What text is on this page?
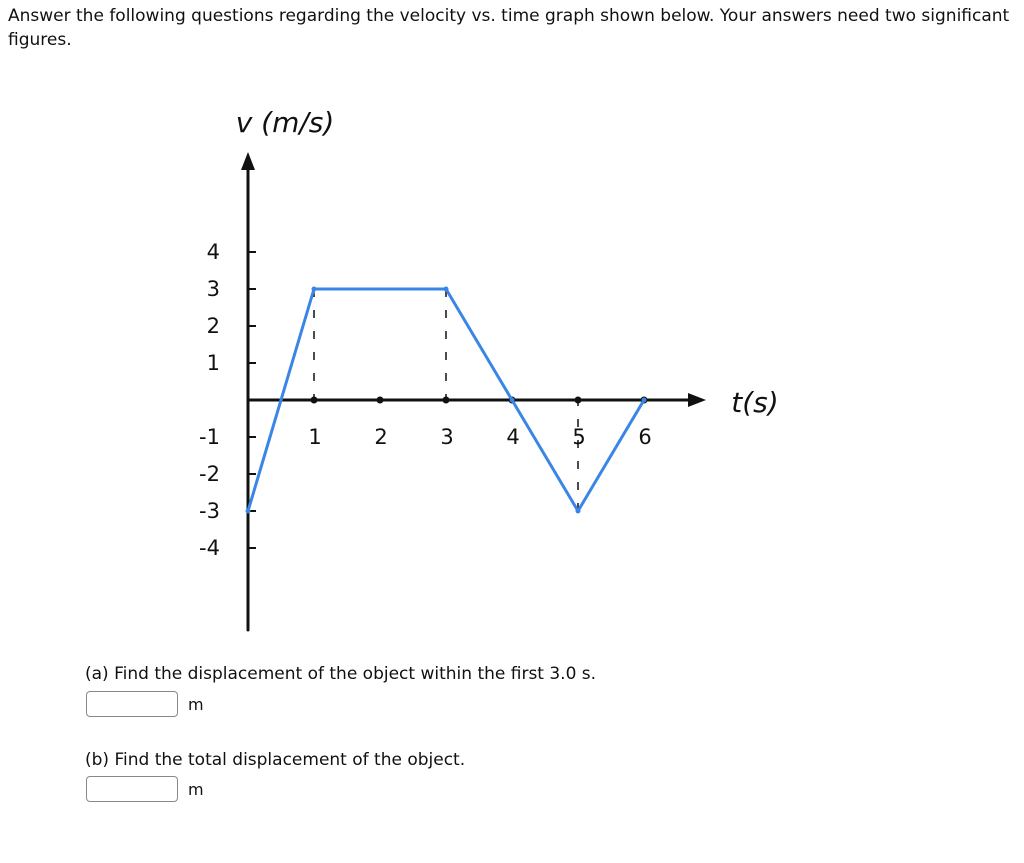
Answer the following questions regarding the velocity vs. time graph shown below. Your answers need two significant figures.

4
3
2
1
-1
-2
-3
-4
1	2	3	4	5	6
v (m/s)
t(s)

(a) Find the displacement of the object within the first 3.0 s.

m

(b) Find the total displacement of the object.

m
